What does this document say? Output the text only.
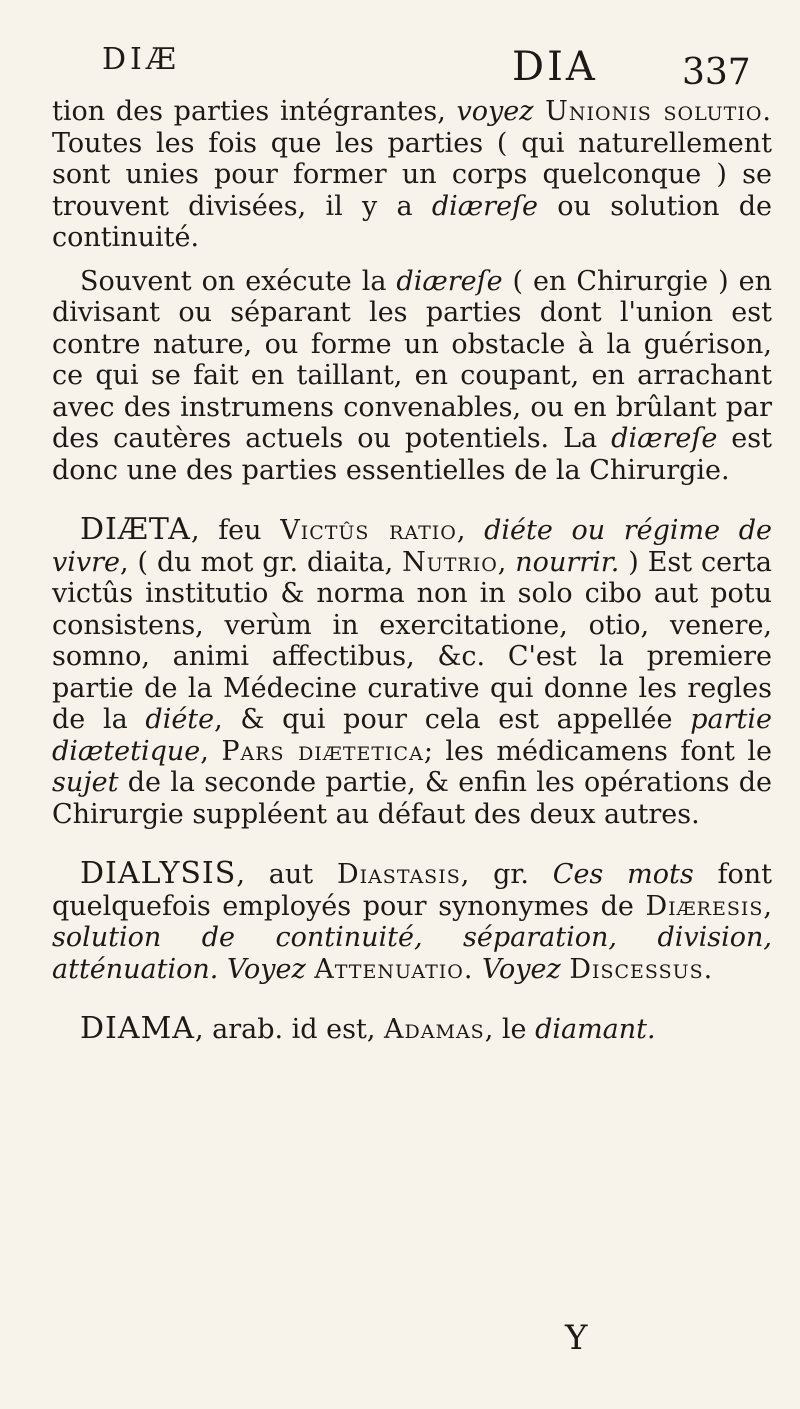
DIÆ	DIA 337

tion des parties intégrantes, voyez Unionis solutio. Toutes les fois que les parties ( qui naturellement sont unies pour former un corps quelconque ) se trouvent divisées, il y a diæreſe ou solution de continuité.

Souvent on exécute la diæreſe ( en Chirurgie ) en divisant ou séparant les parties dont l'union est contre nature, ou forme un obstacle à la guérison, ce qui se fait en taillant, en coupant, en arrachant avec des instrumens convenables, ou en brûlant par des cautères actuels ou potentiels. La diæreſe est donc une des parties essentielles de la Chirurgie.

DIÆTA, feu Victûs ratio, diéte ou régime de vivre, ( du mot gr. diaita, Nutrio, nourrir. ) Est certa victûs institutio & norma non in solo cibo aut potu consistens, verùm in exercitatione, otio, venere, somno, animi affectibus, &c. C'est la premiere partie de la Médecine curative qui donne les regles de la diéte, & qui pour cela est appellée partie diætetique, Pars diætetica; les médicamens font le sujet de la seconde partie, & enfin les opérations de Chirurgie suppléent au défaut des deux autres.

DIALYSIS, aut Diastasis, gr. Ces mots font quelquefois employés pour synonymes de Diæresis, solution de continuité, séparation, division, atténuation. Voyez Attenuatio. Voyez Discessus.

DIAMA, arab. id est, Adamas, le diamant.

Y
